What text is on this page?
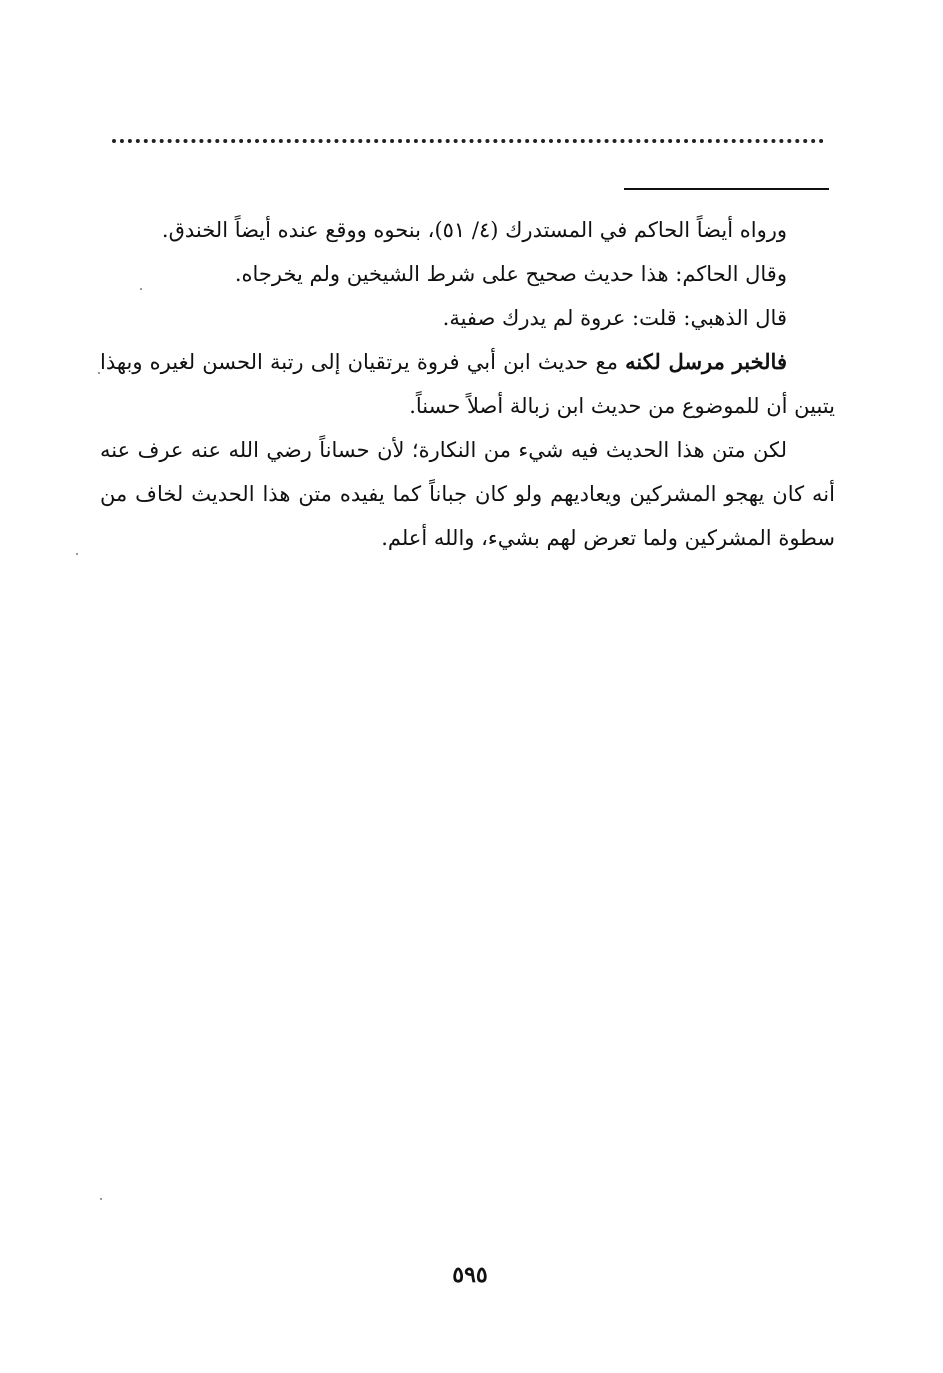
ورواه أيضاً الحاكم في المستدرك (٤/ ٥١)، بنحوه ووقع عنده أيضاً الخندق.

وقال الحاكم: هذا حديث صحيح على شرط الشيخين ولم يخرجاه.

قال الذهبي: قلت: عروة لم يدرك صفية.

فالخبر مرسل لكنه مع حديث ابن أبي فروة يرتقيان إلى رتبة الحسن لغيره وبهذا يتبين أن للموضوع من حديث ابن زبالة أصلاً حسناً.

لكن متن هذا الحديث فيه شيء من النكارة؛ لأن حساناً رضي الله عنه عرف عنه أنه كان يهجو المشركين ويعاديهم ولو كان جباناً كما يفيده متن هذا الحديث لخاف من سطوة المشركين ولما تعرض لهم بشيء، والله أعلم.

٥٩٥
